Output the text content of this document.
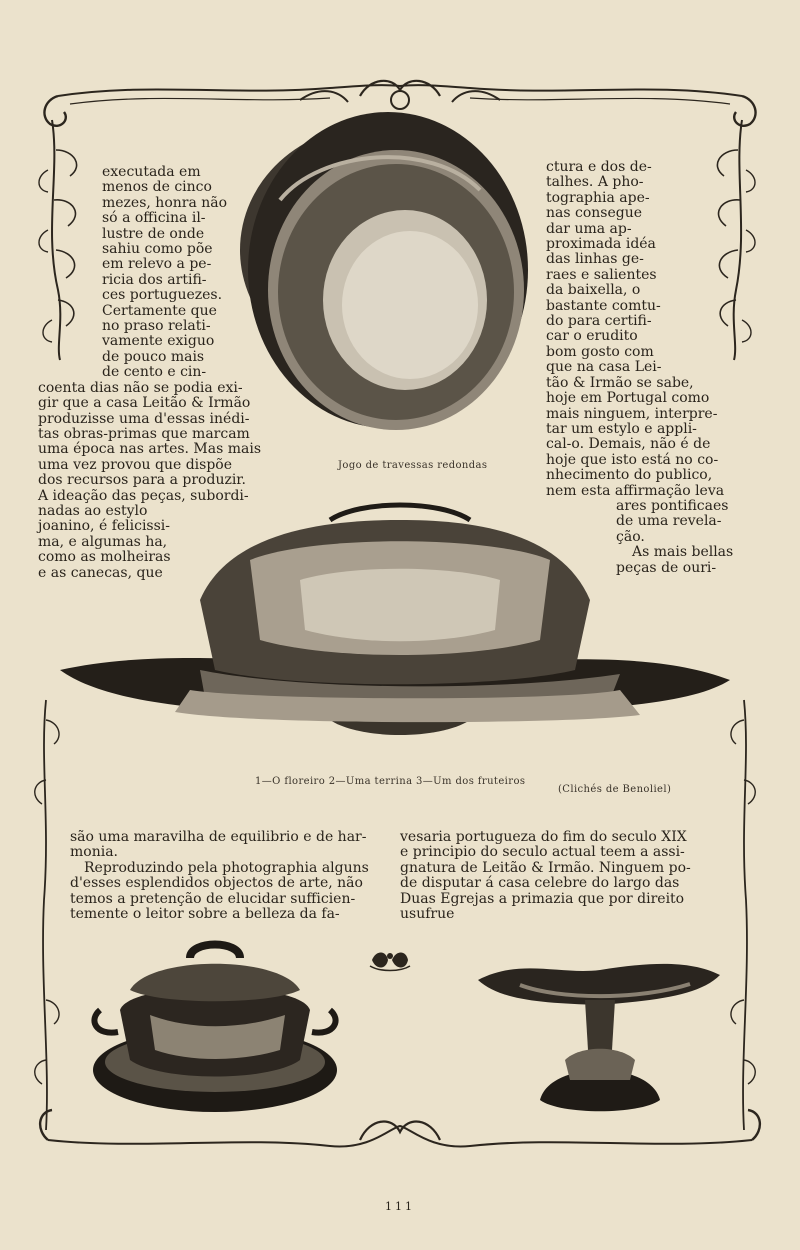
executada em

menos de cinco

mezes, honra não

só a officina il-

lustre de onde

sahiu como põe

em relevo a pe-

ricia dos artifi-

ces portuguezes.

Certamente que

no praso relati-

vamente exiguo

de pouco mais

de cento e cin-

coenta dias não se podia exi-

gir que a casa Leitão & Irmão

produzisse uma d'essas inédi-

tas obras-primas que marcam

uma época nas artes. Mas mais

uma vez provou que dispõe

dos recursos para a produzir.

A ideação das peças, subordi-

nadas ao estylo

joanino, é felicissi-

ma, e algumas ha,

como as molheiras

e as canecas, que

ctura e dos de-

talhes. A pho-

tographia ape-

nas consegue

dar uma ap-

proximada idéa

das linhas ge-

raes e salientes

da baixella, o

bastante comtu-

do para certifi-

car o erudito

bom gosto com

que na casa Lei-

tão & Irmão se sabe,

hoje em Portugal como

mais ninguem, interpre-

tar um estylo e appli-

cal-o. Demais, não é de

hoje que isto está no co-

nhecimento do publico,

nem esta affirmação leva

ares pontificaes

de uma revela-

ção.

As mais bellas

peças de ouri-

Jogo de travessas redondas
1—O floreiro 2—Uma terrina 3—Um dos fruteiros
(Clichés de Benoliel)

são uma maravilha de equilibrio e de har-

monia.

Reproduzindo pela photographia alguns

d'esses esplendidos objectos de arte, não

temos a pretenção de elucidar sufficien-

temente o leitor sobre a belleza da fa-

vesaria portugueza do fim do seculo XIX

e principio do seculo actual teem a assi-

gnatura de Leitão & Irmão. Ninguem po-

de disputar á casa celebre do largo das

Duas Egrejas a primazia que por direito

usufrue

111
